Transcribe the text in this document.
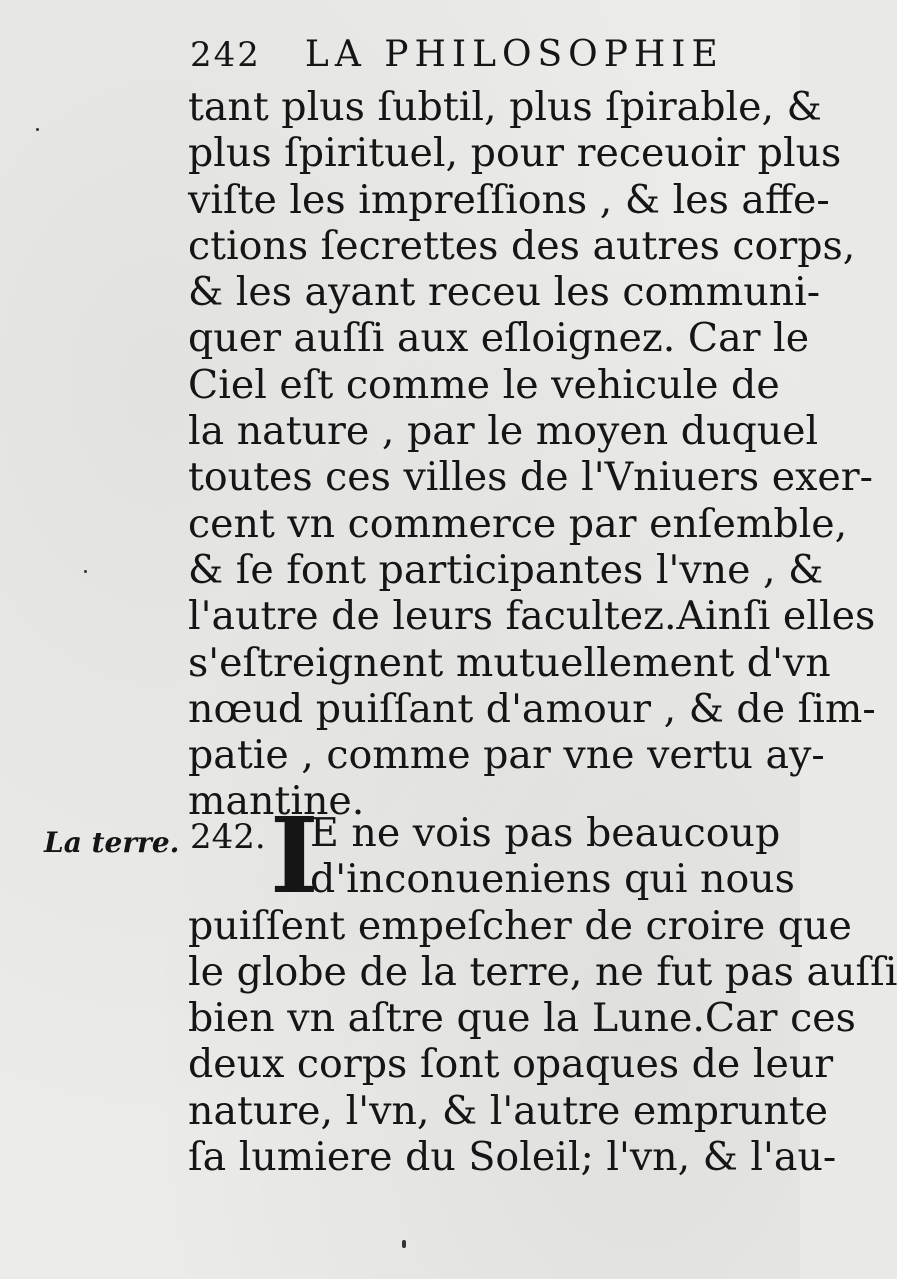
242 LA PHILOSOPHIE
tant plus ſubtil, plus ſpirable, &
plus ſpirituel, pour receuoir plus
viſte les impreſſions , & les affe-
ctions ſecrettes des autres corps,
& les ayant receu les communi-
quer auſſi aux eſloignez. Car le
Ciel eſt comme le vehicule de
la nature , par le moyen duquel
toutes ces villes de l'Vniuers exer-
cent vn commerce par enſemble,
& ſe font participantes l'vne , &
l'autre de leurs facultez.Ainſi elles
s'eſtreignent mutuellement d'vn
nœud puiſſant d'amour , & de ſim-
patie , comme par vne vertu ay-
mantine.
La terre. 242. I
E ne vois pas beaucoup
d'inconueniens qui nous
puiſſent empeſcher de croire que
le globe de la terre, ne fut pas auſſi
bien vn aſtre que la Lune.Car ces
deux corps ſont opaques de leur
nature, l'vn, & l'autre emprunte
ſa lumiere du Soleil; l'vn, & l'au-
